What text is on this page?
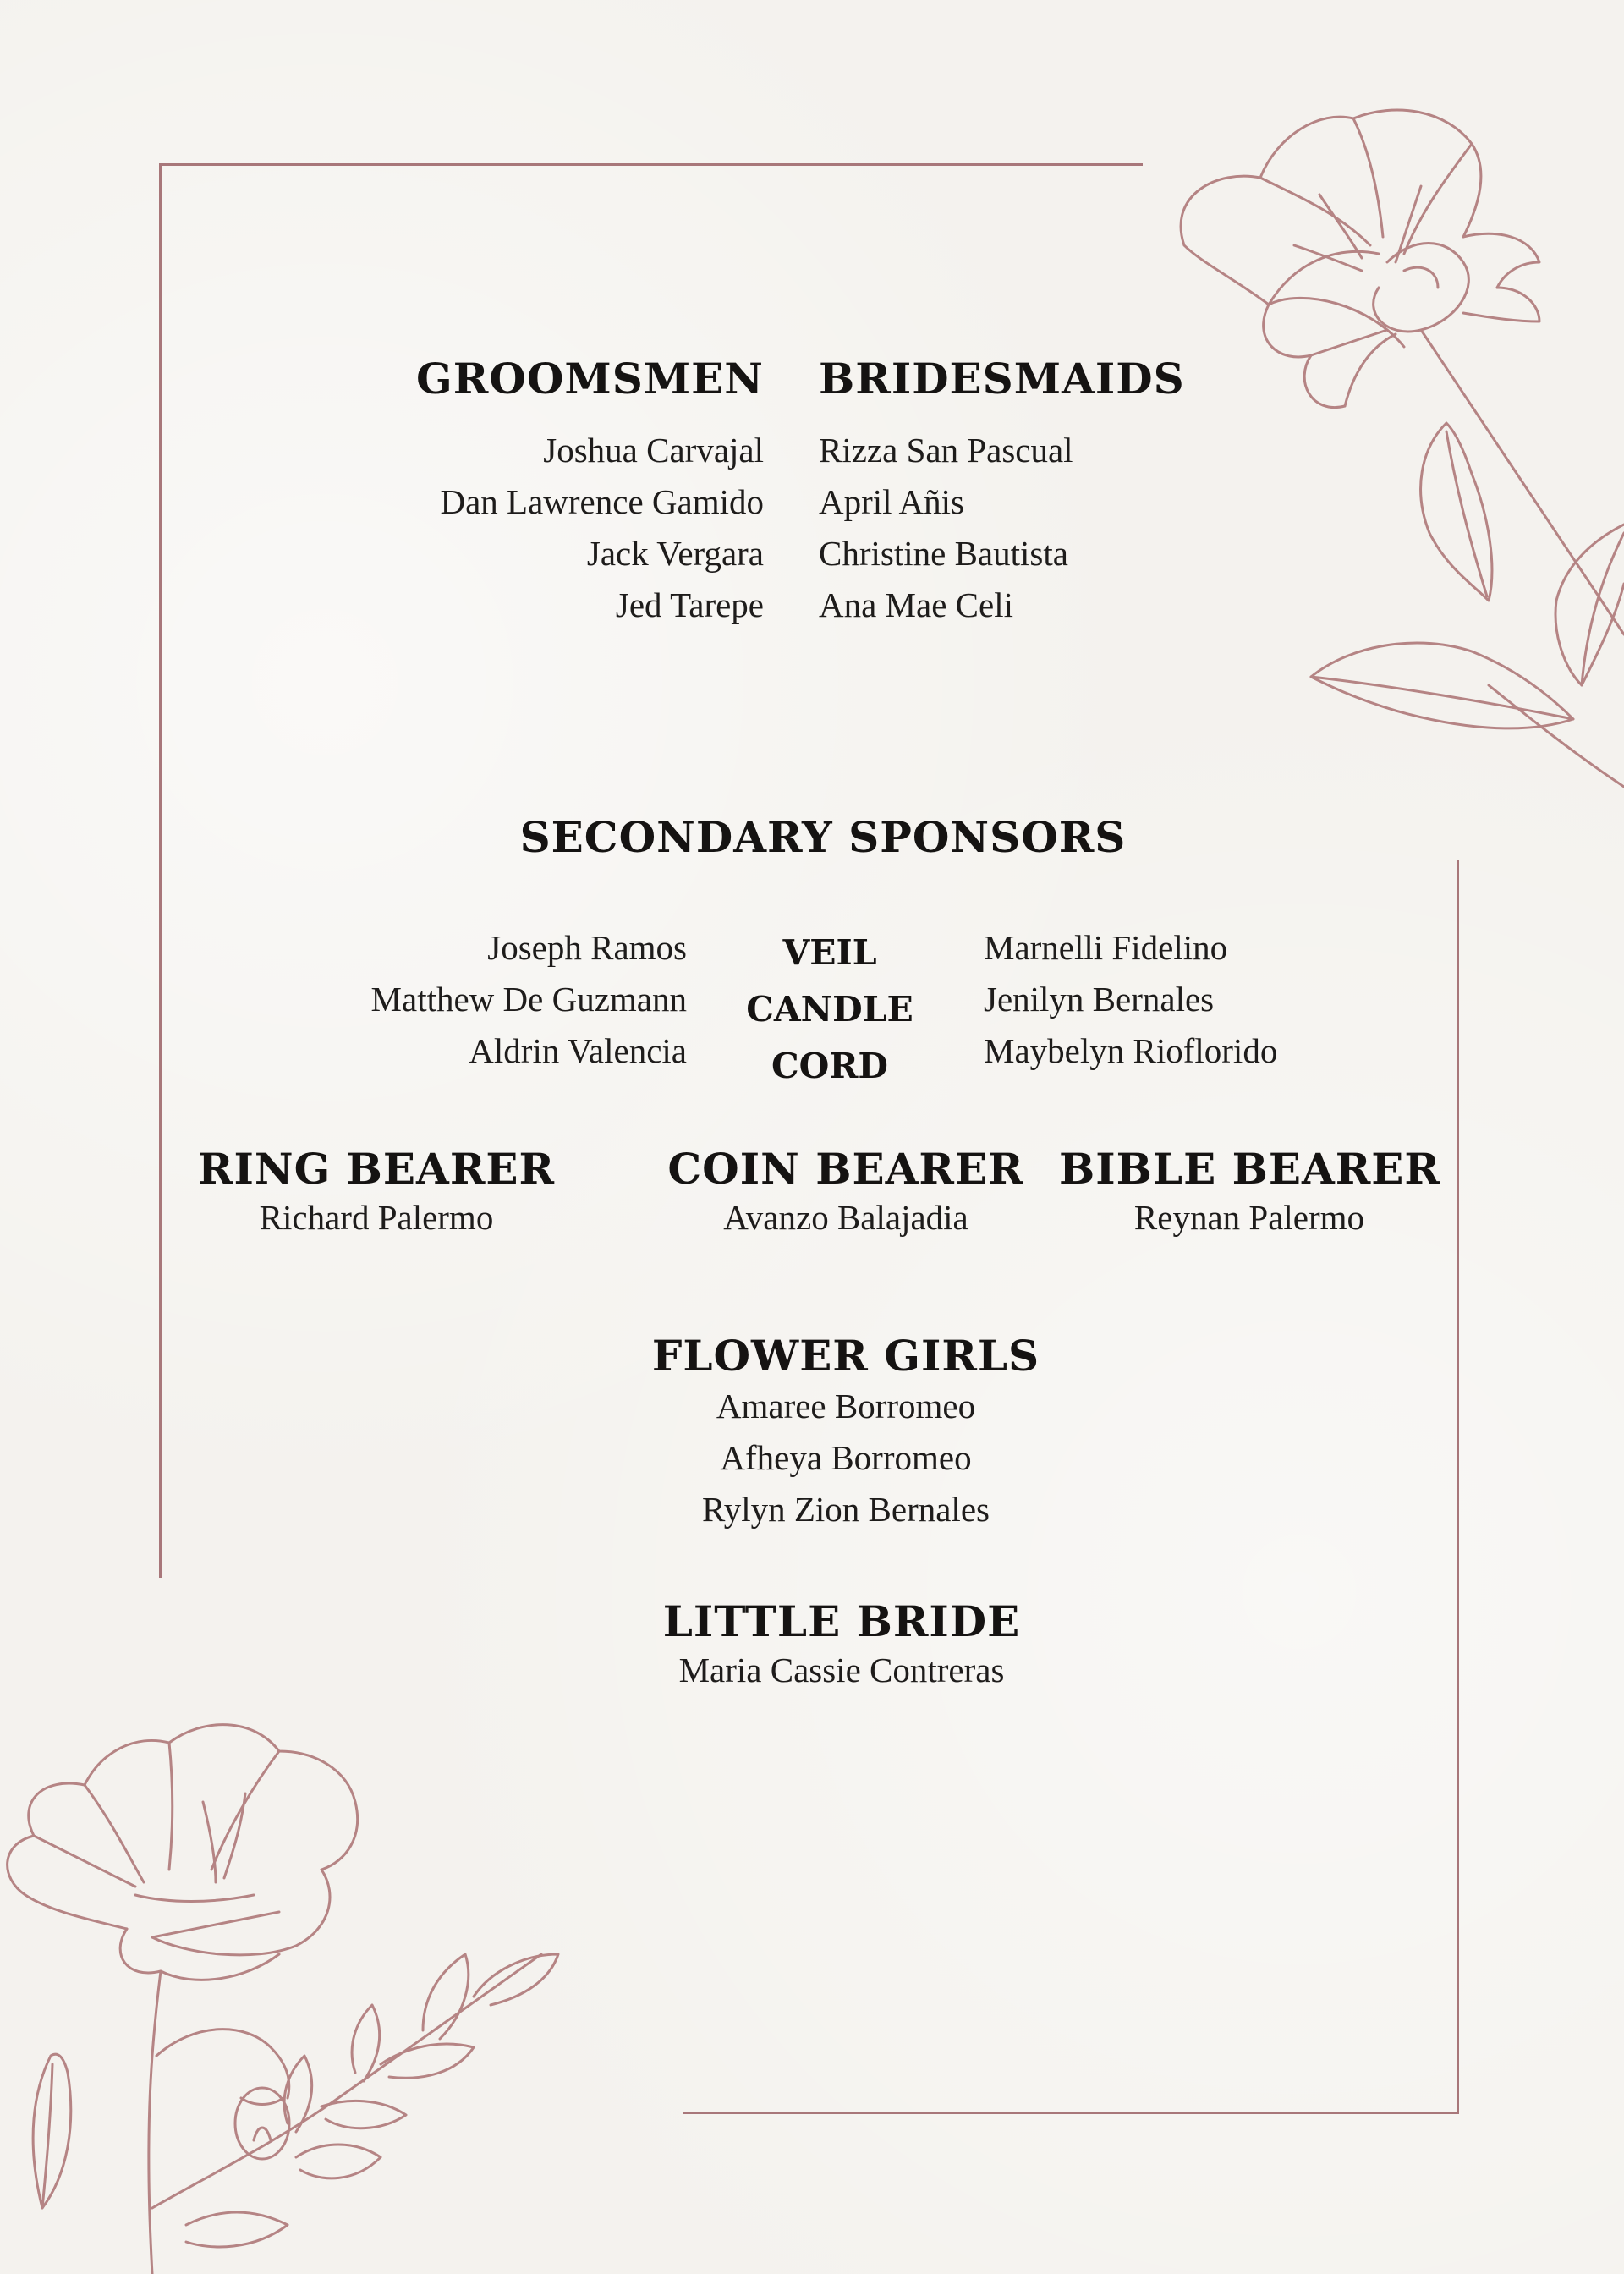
GROOMSMEN
Joshua Carvajal
Dan Lawrence Gamido
Jack Vergara
Jed Tarepe
BRIDESMAIDS
Rizza San Pascual
April Añis
Christine Bautista
Ana Mae Celi
SECONDARY SPONSORS
Joseph Ramos
Matthew De Guzmann
Aldrin Valencia
VEIL
CANDLE
CORD
Marnelli Fidelino
Jenilyn Bernales
Maybelyn Rioflorido
RING BEARER
Richard Palermo
COIN BEARER
Avanzo Balajadia
BIBLE BEARER
Reynan Palermo
FLOWER GIRLS
Amaree Borromeo
Afheya Borromeo
Rylyn Zion Bernales
LITTLE BRIDE
Maria Cassie Contreras
